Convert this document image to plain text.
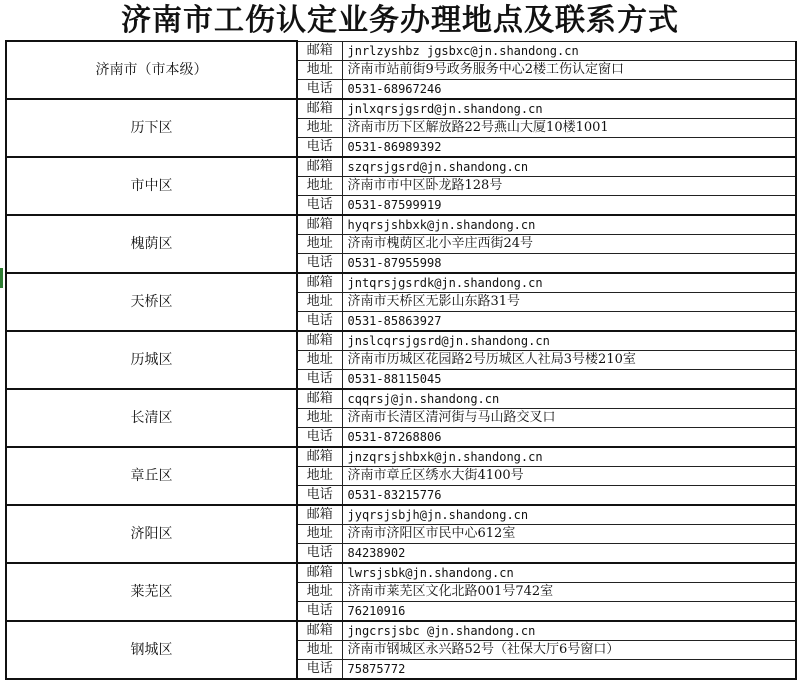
济南市工伤认定业务办理地点及联系方式
济南市（市本级）	邮箱	jnrlzyshbz jgsbxc@jn.shandong.cn
	地址	济南市站前街9号政务服务中心2楼工伤认定窗口
	电话	0531-68967246
历下区	邮箱	jnlxqrsjgsrd@jn.shandong.cn
	地址	济南市历下区解放路22号燕山大厦10楼1001
	电话	0531-86989392
市中区	邮箱	szqrsjgsrd@jn.shandong.cn
	地址	济南市市中区卧龙路128号
	电话	0531-87599919
槐荫区	邮箱	hyqrsjshbxk@jn.shandong.cn
	地址	济南市槐荫区北小辛庄西街24号
	电话	0531-87955998
天桥区	邮箱	jntqrsjgsrdk@jn.shandong.cn
	地址	济南市天桥区无影山东路31号
	电话	0531-85863927
历城区	邮箱	jnslcqrsjgsrd@jn.shandong.cn
	地址	济南市历城区花园路2号历城区人社局3号楼210室
	电话	0531-88115045
长清区	邮箱	cqqrsj@jn.shandong.cn
	地址	济南市长清区清河街与马山路交叉口
	电话	0531-87268806
章丘区	邮箱	jnzqrsjshbxk@jn.shandong.cn
	地址	济南市章丘区绣水大街4100号
	电话	0531-83215776
济阳区	邮箱	jyqrsjsbjh@jn.shandong.cn
	地址	济南市济阳区市民中心612室
	电话	84238902
莱芜区	邮箱	lwrsjsbk@jn.shandong.cn
	地址	济南市莱芜区文化北路001号742室
	电话	76210916
钢城区	邮箱	jngcrsjsbc @jn.shandong.cn
	地址	济南市钢城区永兴路52号（社保大厅6号窗口）
	电话	75875772
